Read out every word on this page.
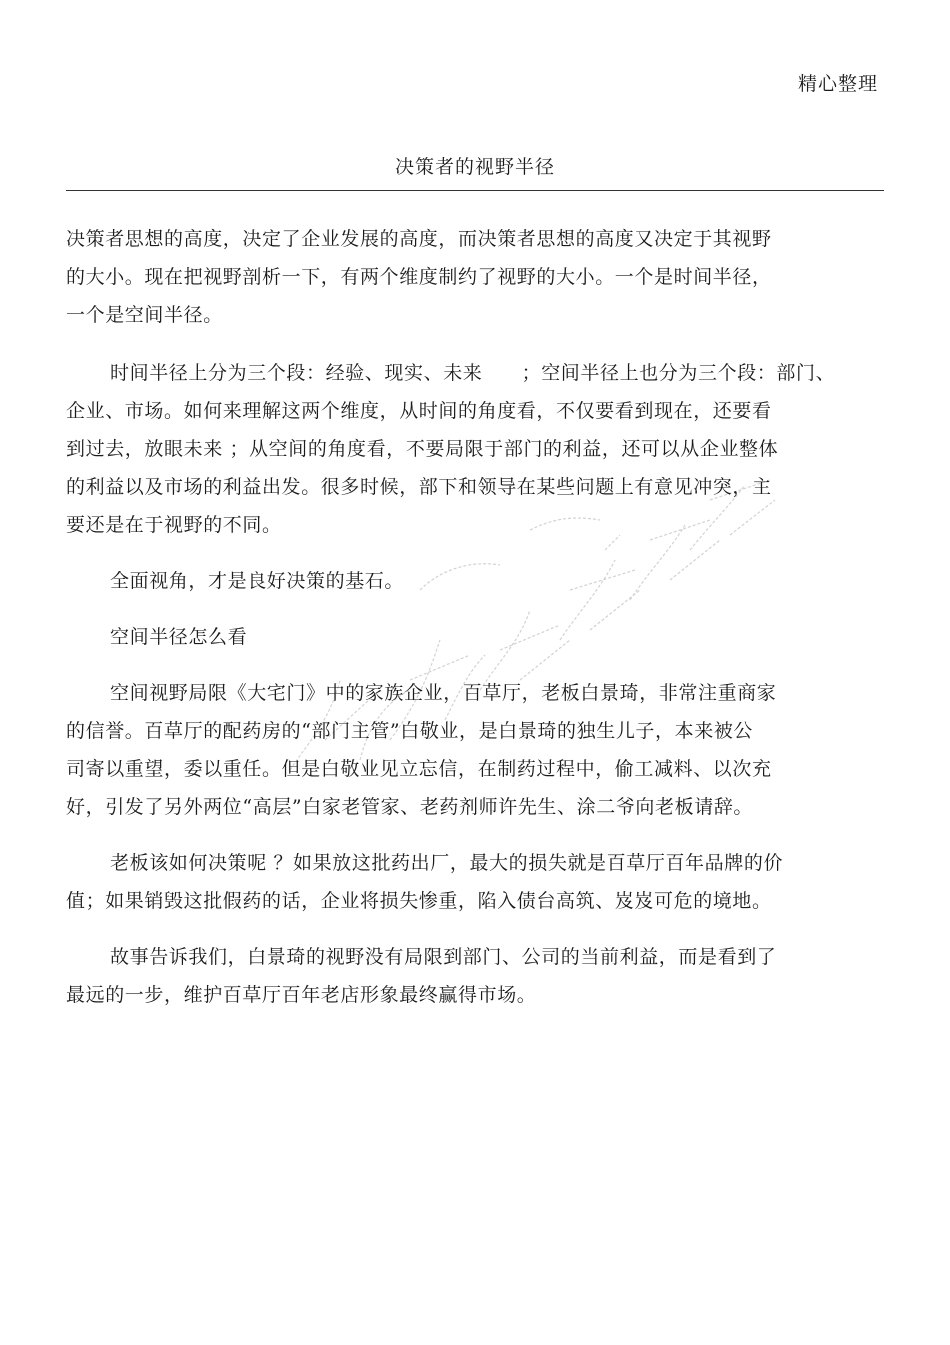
精心整理
决策者的视野半径
决策者思想的高度，决定了企业发展的高度，而决策者思想的高度又决定于其视野
的大小。现在把视野剖析一下，有两个维度制约了视野的大小。一个是时间半径，
一个是空间半径。
时间半径上分为三个段：经验、现实、未来　　；空间半径上也分为三个段：部门、
企业、市场。如何来理解这两个维度，从时间的角度看，不仅要看到现在，还要看
到过去，放眼未来 ；从空间的角度看，不要局限于部门的利益，还可以从企业整体
的利益以及市场的利益出发。很多时候，部下和领导在某些问题上有意见冲突，主
要还是在于视野的不同。
全面视角，才是良好决策的基石。
空间半径怎么看
空间视野局限《大宅门》中的家族企业，百草厅，老板白景琦，非常注重商家
的信誉。百草厅的配药房的“部门主管”白敬业，是白景琦的独生儿子，本来被公
司寄以重望，委以重任。但是白敬业见立忘信，在制药过程中，偷工减料、以次充
好，引发了另外两位“高层”白家老管家、老药剂师许先生、涂二爷向老板请辞。
老板该如何决策呢 ？如果放这批药出厂，最大的损失就是百草厅百年品牌的价
值；如果销毁这批假药的话，企业将损失惨重，陷入债台高筑、岌岌可危的境地。
故事告诉我们，白景琦的视野没有局限到部门、公司的当前利益，而是看到了
最远的一步，维护百草厅百年老店形象最终赢得市场。
